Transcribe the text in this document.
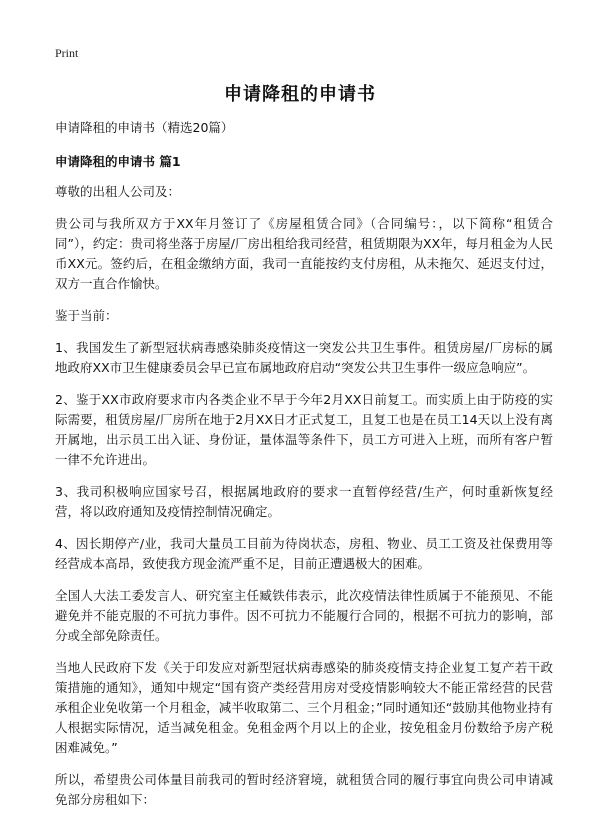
Print
申请降租的申请书

申请降租的申请书（精选20篇）

申请降租的申请书 篇1

尊敬的出租人公司及：

贵公司与我所双方于XX年月签订了《房屋租赁合同》（合同编号：，以下简称“租赁合同”），约定：贵司将坐落于房屋/厂房出租给我司经营，租赁期限为XX年，每月租金为人民币XX元。签约后，在租金缴纳方面，我司一直能按约支付房租，从未拖欠、延迟支付过，双方一直合作愉快。

鉴于当前：

1、我国发生了新型冠状病毒感染肺炎疫情这一突发公共卫生事件。租赁房屋/厂房标的属地政府XX市卫生健康委员会早已宣布属地政府启动“突发公共卫生事件一级应急响应”。

2、鉴于XX市政府要求市内各类企业不早于今年2月XX日前复工。而实质上由于防疫的实际需要，租赁房屋/厂房所在地于2月XX日才正式复工，且复工也是在员工14天以上没有离开属地，出示员工出入证、身份证，量体温等条件下，员工方可进入上班，而所有客户暂一律不允许进出。

3、我司积极响应国家号召，根据属地政府的要求一直暂停经营/生产，何时重新恢复经营，将以政府通知及疫情控制情况确定。

4、因长期停产/业，我司大量员工目前为待岗状态，房租、物业、员工工资及社保费用等经营成本高昂，致使我方现金流严重不足，目前正遭遇极大的困难。

全国人大法工委发言人、研究室主任臧铁伟表示，此次疫情法律性质属于不能预见、不能避免并不能克服的不可抗力事件。因不可抗力不能履行合同的，根据不可抗力的影响，部分或全部免除责任。

当地人民政府下发《关于印发应对新型冠状病毒感染的肺炎疫情支持企业复工复产若干政策措施的通知》，通知中规定“国有资产类经营用房对受疫情影响较大不能正常经营的民营承租企业免收第一个月租金，减半收取第二、三个月租金；”同时通知还“鼓励其他物业持有人根据实际情况，适当减免租金。免租金两个月以上的企业，按免租金月份数给予房产税困难减免。”

所以，希望贵公司体量目前我司的暂时经济窘境，就租赁合同的履行事宜向贵公司申请减免部分房租如下：
